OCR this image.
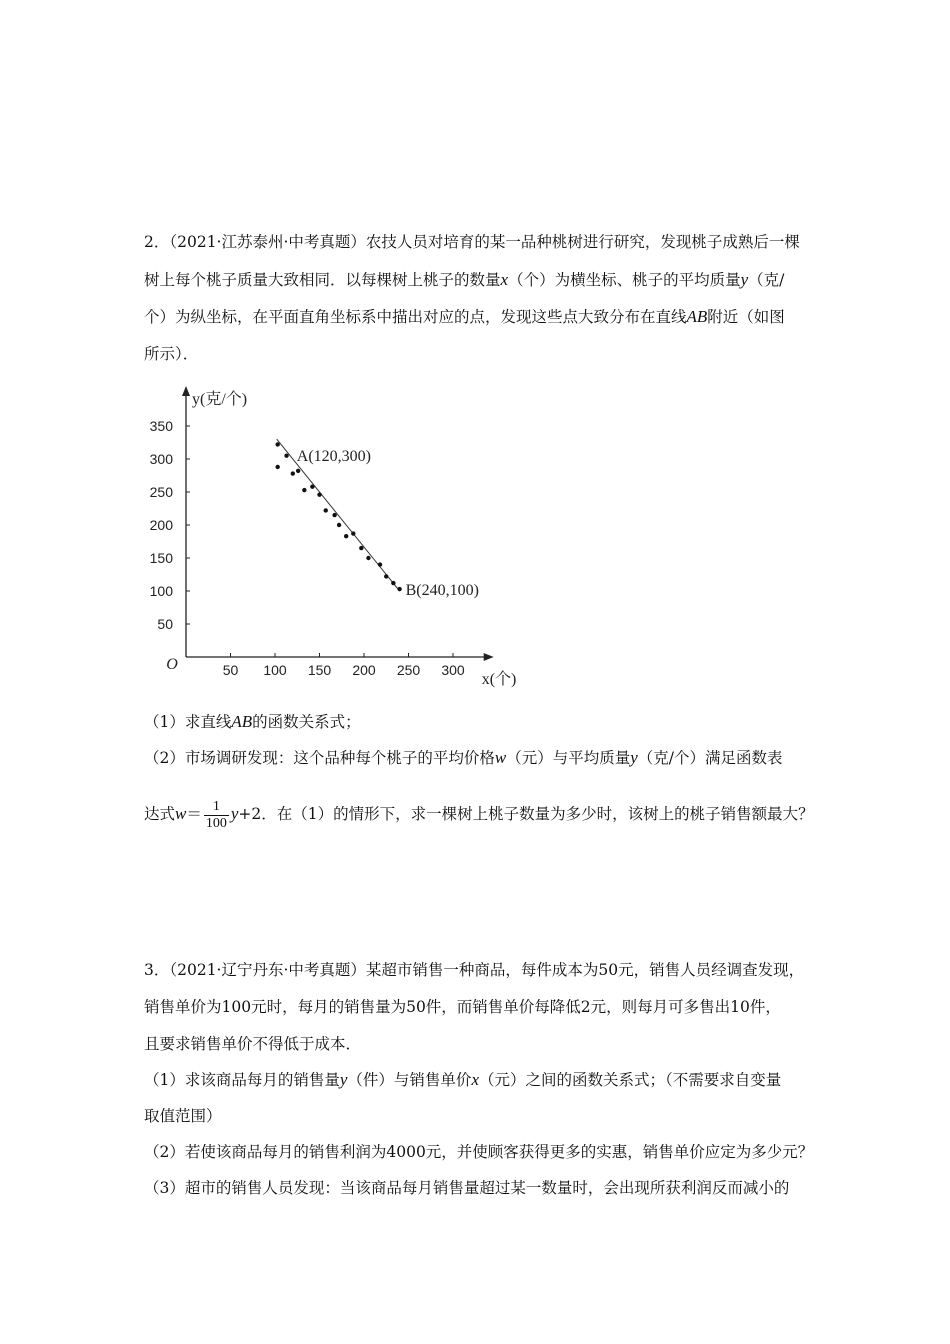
2．（2021·江苏泰州·中考真题）农技人员对培育的某一品种桃树进行研究，发现桃子成熟后一棵
树上每个桃子质量大致相同．以每棵树上桃子的数量x（个）为横坐标、桃子的平均质量y（克/
个）为纵坐标，在平面直角坐标系中描出对应的点，发现这些点大致分布在直线AB附近（如图
所示）．
50 100 150 200 250 300
50
100
150
200
250
300
350
O
x(个)
y(克/个)
A(120,300)
B(240,100)
（1）求直线AB的函数关系式；
（2）市场调研发现：这个品种每个桃子的平均价格w（元）与平均质量y（克/个）满足函数表
达式$w= \frac{1}{100} y+2$．在（1）的情形下，求一棵树上桃子数量为多少时，该树上的桃子销售额最大？
3．（2021·辽宁丹东·中考真题）某超市销售一种商品，每件成本为50元，销售人员经调查发现，
销售单价为100元时，每月的销售量为50件，而销售单价每降低2元，则每月可多售出10件，
且要求销售单价不得低于成本．
（1）求该商品每月的销售量y（件）与销售单价x（元）之间的函数关系式；（不需要求自变量
取值范围）
（2）若使该商品每月的销售利润为4000元，并使顾客获得更多的实惠，销售单价应定为多少元？
（3）超市的销售人员发现：当该商品每月销售量超过某一数量时，会出现所获利润反而减小的
